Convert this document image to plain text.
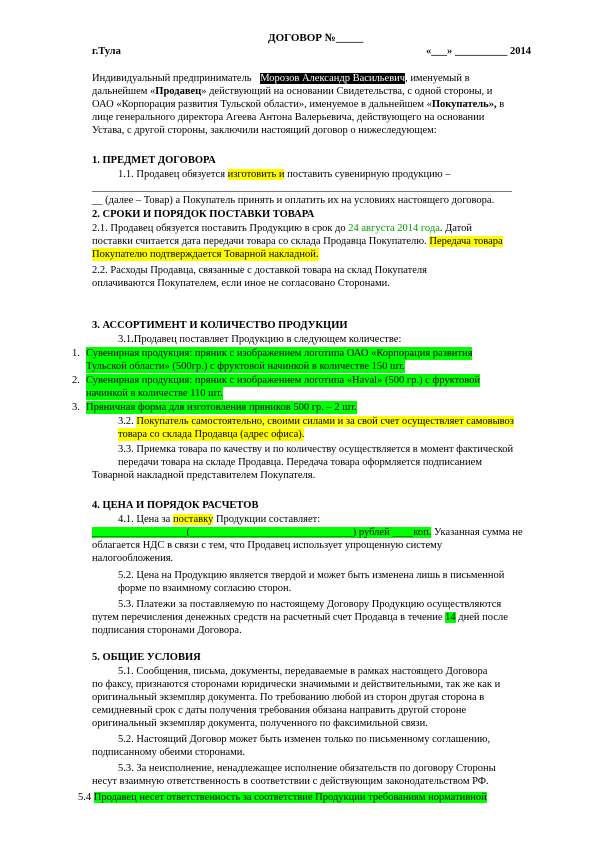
ДОГОВОР №_____
г.Тула	«___» __________ 2014
Индивидуальный предприниматель Морозов Александр Васильевич, именуемый в
дальнейшем «Продавец» действующий на основании Свидетельства, с одной стороны, и
ОАО «Корпорация развития Тульской области», именуемое в дальнейшем «Покупатель», в
лице генерального директора Агеева Антона Валерьевича, действующего на основании
Устава, с другой стороны, заключили настоящий договор о нижеследующем:
1. ПРЕДМЕТ ДОГОВОРА
1.1. Продавец обязуется изготовить и поставить сувенирную продукцию –
________________________________________________________________________________
__ (далее – Товар) а Покупатель принять и оплатить их на условиях настоящего договора.
2. СРОКИ И ПОРЯДОК ПОСТАВКИ ТОВАРА
2.1. Продавец обязуется поставить Продукцию в срок до 24 августа 2014 года. Датой
поставки считается дата передачи товара со склада Продавца Покупателю. Передача товара
Покупателю подтверждается Товарной накладной.
2.2. Расходы Продавца, связанные с доставкой товара на склад Покупателя
оплачиваются Покупателем, если иное не согласовано Сторонами.
3. АССОРТИМЕНТ И КОЛИЧЕСТВО ПРОДУКЦИИ
3.1.Продавец поставляет Продукцию в следующем количестве:
1. Сувенирная продукция: пряник с изображением логотипа ОАО «Корпорация развития
Тульской области» (500гр.) с фруктовой начинкой в количестве 150 шт.
2. Сувенирная продукция: пряник с изображением логотипа «Haval» (500 гр.) с фруктовой
начинкой в количестве 110 шт.
3. Пряничная форма для изготовления пряников 500 гр. – 2 шт.
3.2. Покупатель самостоятельно, своими силами и за свой счет осуществляет самовывоз
товара со склада Продавца (адрес офиса).
3.3. Приемка товара по качеству и по количеству осуществляется в момент фактической
передачи товара на складе Продавца. Передача товара оформляется подписанием
Товарной накладной представителем Покупателя.
4. ЦЕНА И ПОРЯДОК РАСЧЕТОВ
4.1. Цена за поставку Продукции составляет:
__________________(_______________________________) рублей ____коп. Указанная сумма не
облагается НДС в связи с тем, что Продавец использует упрощенную систему
налогообложения.
5.2. Цена на Продукцию является твердой и может быть изменена лишь в письменной
форме по взаимному согласию сторон.
5.3. Платежи за поставляемую по настоящему Договору Продукцию осуществляются
путем перечисления денежных средств на расчетный счет Продавца в течение 14 дней после
подписания сторонами Договора.
5. ОБЩИЕ УСЛОВИЯ
5.1. Сообщения, письма, документы, передаваемые в рамках настоящего Договора
по факсу, признаются сторонами юридически значимыми и действительными, так же как и
оригинальный экземпляр документа. По требованию любой из сторон другая сторона в
семидневный срок с даты получения требования обязана направить другой стороне
оригинальный экземпляр документа, полученного по факсимильной связи.
5.2. Настоящий Договор может быть изменен только по письменному соглашению,
подписанному обеими сторонами.
5.3. За неисполнение, ненадлежащее исполнение обязательств по договору Стороны
несут взаимную ответственность в соответствии с действующим законодательством РФ.
5.4 Продавец несет ответственность за соответствие Продукции требованиям нормативной
